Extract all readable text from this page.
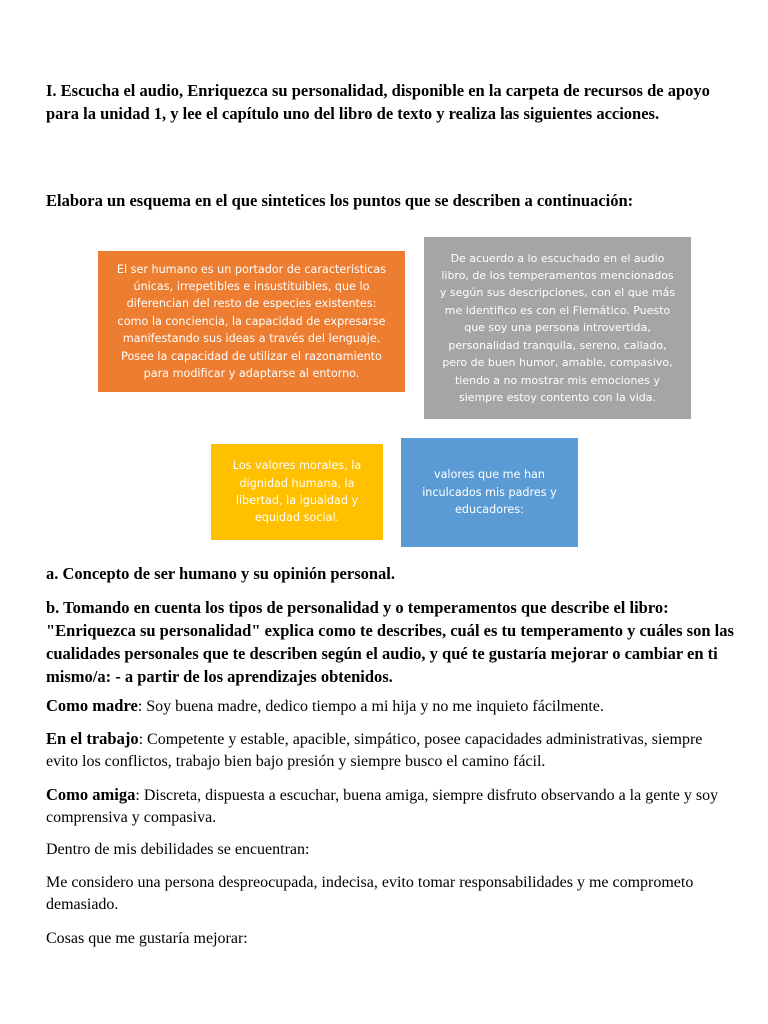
I. Escucha el audio, Enriquezca su personalidad, disponible en la carpeta de recursos de apoyo para la unidad 1, y lee el capítulo uno del libro de texto y realiza las siguientes acciones.

Elabora un esquema en el que sintetices los puntos que se describen a continuación:

El ser humano es un portador de características
únicas, irrepetibles e insustituibles, que lo
diferencian del resto de especies existentes:
como la conciencia, la capacidad de expresarse
manifestando sus ideas a través del lenguaje.
Posee la capacidad de utilizar el razonamiento
para modificar y adaptarse al entorno.
De acuerdo a lo escuchado en el audio
libro, de los temperamentos mencionados
y según sus descripciones, con el que más
me identifico es con el Flemático. Puesto
que soy una persona introvertida,
personalidad tranquila, sereno, callado,
pero de buen humor, amable, compasivo,
tiendo a no mostrar mis emociones y
siempre estoy contento con la vida.
Los valores morales, la
dignidad humana, la
libertad, la igualdad y
equidad social.
valores que me han
inculcados mis padres y
educadores:

a. Concepto de ser humano y su opinión personal.

b. Tomando en cuenta los tipos de personalidad y o temperamentos que describe el libro: "Enriquezca su personalidad" explica como te describes, cuál es tu temperamento y cuáles son las cualidades personales que te describen según el audio, y qué te gustaría mejorar o cambiar en ti mismo/a: - a partir de los aprendizajes obtenidos.

Como madre: Soy buena madre, dedico tiempo a mi hija y no me inquieto fácilmente.

En el trabajo: Competente y estable, apacible, simpático, posee capacidades administrativas, siempre evito los conflictos, trabajo bien bajo presión y siempre busco el camino fácil.

Como amiga: Discreta, dispuesta a escuchar, buena amiga, siempre disfruto observando a la gente y soy comprensiva y compasiva.

Dentro de mis debilidades se encuentran:

Me considero una persona despreocupada, indecisa, evito tomar responsabilidades y me comprometo demasiado.

Cosas que me gustaría mejorar:
